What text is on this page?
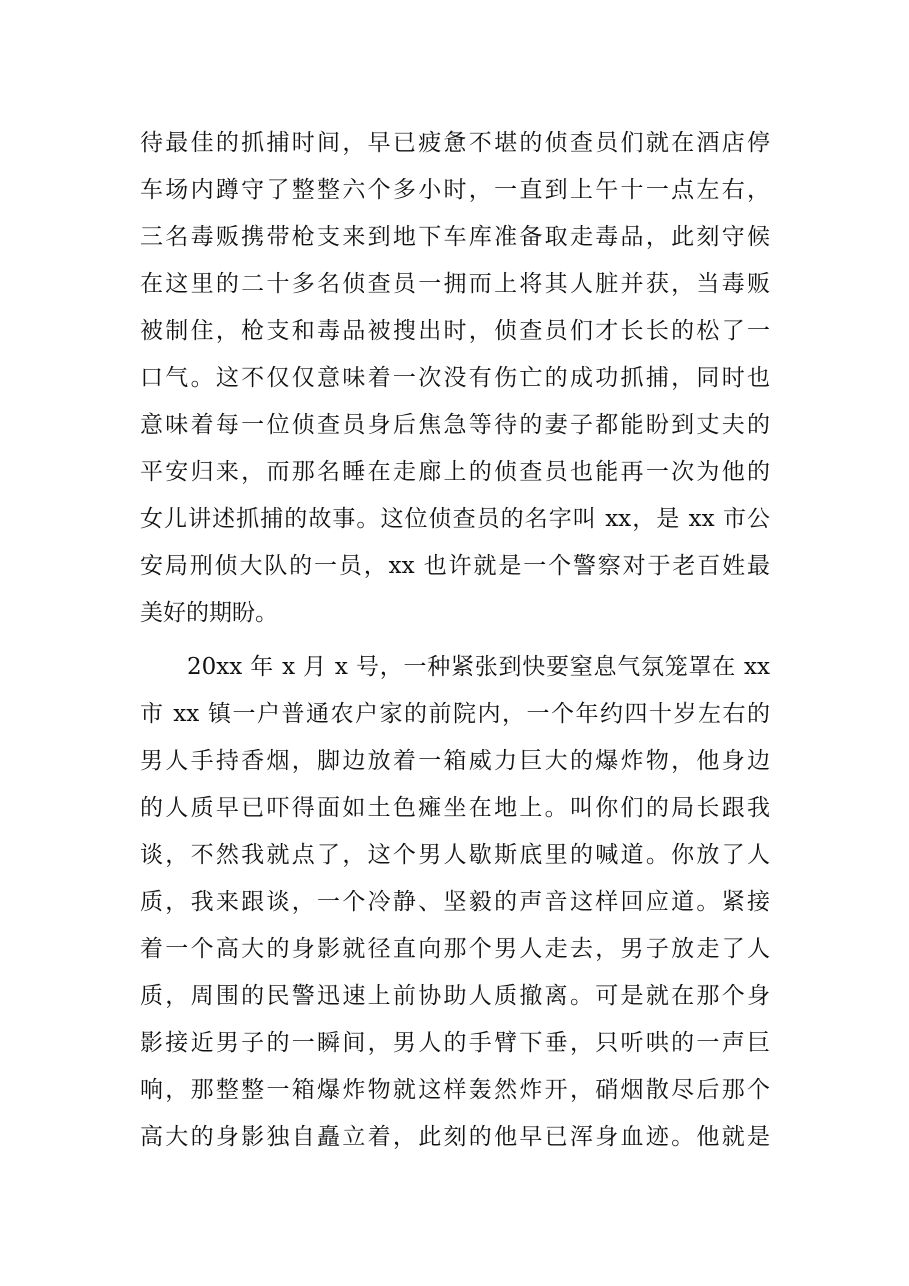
待最佳的抓捕时间，早已疲惫不堪的侦查员们就在酒店停
车场内蹲守了整整六个多小时，一直到上午十一点左右，
三名毒贩携带枪支来到地下车库准备取走毒品，此刻守候
在这里的二十多名侦查员一拥而上将其人脏并获，当毒贩
被制住，枪支和毒品被搜出时，侦查员们才长长的松了一
口气。这不仅仅意味着一次没有伤亡的成功抓捕，同时也
意味着每一位侦查员身后焦急等待的妻子都能盼到丈夫的
平安归来，而那名睡在走廊上的侦查员也能再一次为他的
女儿讲述抓捕的故事。这位侦查员的名字叫 xx，是 xx 市公
安局刑侦大队的一员，xx 也许就是一个警察对于老百姓最
美好的期盼。
20xx 年 x 月 x 号，一种紧张到快要窒息气氛笼罩在 xx
市 xx 镇一户普通农户家的前院内，一个年约四十岁左右的
男人手持香烟，脚边放着一箱威力巨大的爆炸物，他身边
的人质早已吓得面如土色瘫坐在地上。叫你们的局长跟我
谈，不然我就点了，这个男人歇斯底里的喊道。你放了人
质，我来跟谈，一个冷静、坚毅的声音这样回应道。紧接
着一个高大的身影就径直向那个男人走去，男子放走了人
质，周围的民警迅速上前协助人质撤离。可是就在那个身
影接近男子的一瞬间，男人的手臂下垂，只听哄的一声巨
响，那整整一箱爆炸物就这样轰然炸开，硝烟散尽后那个
高大的身影独自矗立着，此刻的他早已浑身血迹。他就是
